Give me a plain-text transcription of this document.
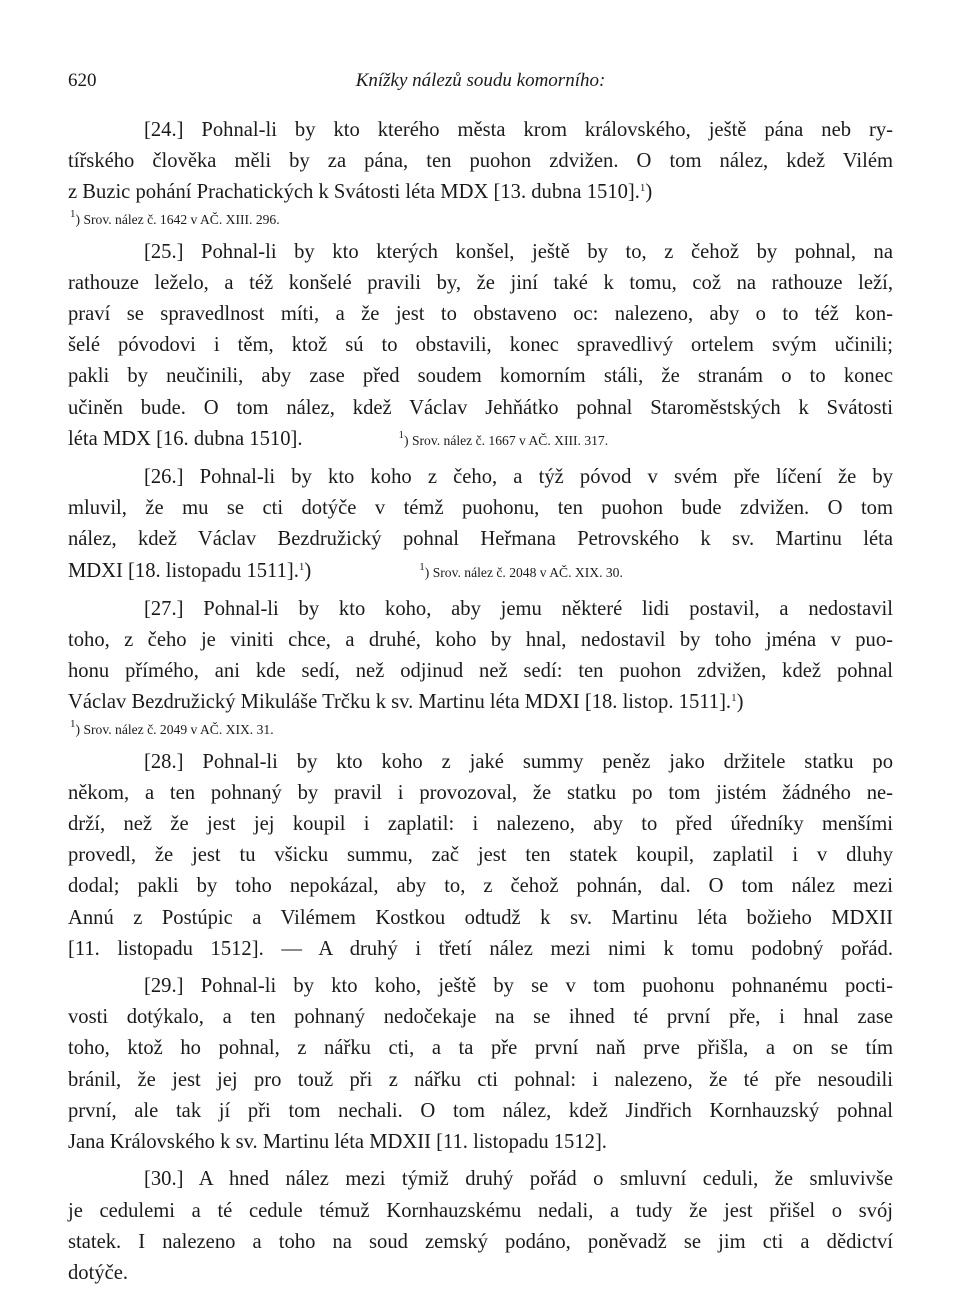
620	Knížky nálezů soudu komorního:
[24.] Pohnal-li by kto kterého města krom královského, ještě pána neb ry-
tířského člověka měli by za pána, ten puohon zdvižen. O tom nález, kdež Vilém
z Buzic pohání Prachatických k Svátosti léta MDX [13. dubna 1510].$^1$)
$^1$) Srov. nález č. 1642 v AČ. XIII. 296.
[25.] Pohnal-li by kto kterých konšel, ještě by to, z čehož by pohnal, na
rathouze leželo, a též konšelé pravili by, že jiní také k tomu, což na rathouze leží,
praví se spravedlnost míti, a že jest to obstaveno oc: nalezeno, aby o to též kon-
šelé póvodovi i těm, ktož sú to obstavili, konec spravedlivý ortelem svým učinili;
pakli by neučinili, aby zase před soudem komorním stáli, že stranám o to konec
učiněn bude. O tom nález, kdež Václav Jehňátko pohnal Staroměstských k Svátosti
léta MDX [16. dubna 1510].	$^1$) Srov. nález č. 1667 v AČ. XIII. 317.
[26.] Pohnal-li by kto koho z čeho, a týž póvod v svém pře líčení že by
mluvil, že mu se cti dotýče v témž puohonu, ten puohon bude zdvižen. O tom
nález, kdež Václav Bezdružický pohnal Heřmana Petrovského k sv. Martinu léta
MDXI [18. listopadu 1511].$^1$)	$^1$) Srov. nález č. 2048 v AČ. XIX. 30.
[27.] Pohnal-li by kto koho, aby jemu některé lidi postavil, a nedostavil
toho, z čeho je viniti chce, a druhé, koho by hnal, nedostavil by toho jména v puo-
honu přímého, ani kde sedí, než odjinud než sedí: ten puohon zdvižen, kdež pohnal
Václav Bezdružický Mikuláše Trčku k sv. Martinu léta MDXI [18. listop. 1511].$^1$)
$^1$) Srov. nález č. 2049 v AČ. XIX. 31.
[28.] Pohnal-li by kto koho z jaké summy peněz jako držitele statku po
někom, a ten pohnaný by pravil i provozoval, že statku po tom jistém žádného ne-
drží, než že jest jej koupil i zaplatil: i nalezeno, aby to před úředníky menšími
provedl, že jest tu všicku summu, zač jest ten statek koupil, zaplatil i v dluhy
dodal; pakli by toho nepokázal, aby to, z čehož pohnán, dal. O tom nález mezi
Annú z Postúpic a Vilémem Kostkou odtudž k sv. Martinu léta božieho MDXII
[11. listopadu 1512]. — A druhý i třetí nález mezi nimi k tomu podobný pořád.
[29.] Pohnal-li by kto koho, ještě by se v tom puohonu pohnanému pocti-
vosti dotýkalo, a ten pohnaný nedočekaje na se ihned té první pře, i hnal zase
toho, ktož ho pohnal, z nářku cti, a ta pře první naň prve přišla, a on se tím
bránil, že jest jej pro touž při z nářku cti pohnal: i nalezeno, že té pře nesoudili
první, ale tak jí při tom nechali. O tom nález, kdež Jindřich Kornhauzský pohnal
Jana Královského k sv. Martinu léta MDXII [11. listopadu 1512].
[30.] A hned nález mezi týmiž druhý pořád o smluvní ceduli, že smluvivše
je cedulemi a té cedule témuž Kornhauzskému nedali, a tudy že jest přišel o svój
statek. I nalezeno a toho na soud zemský podáno, poněvadž se jim cti a dědictví
dotýče.
